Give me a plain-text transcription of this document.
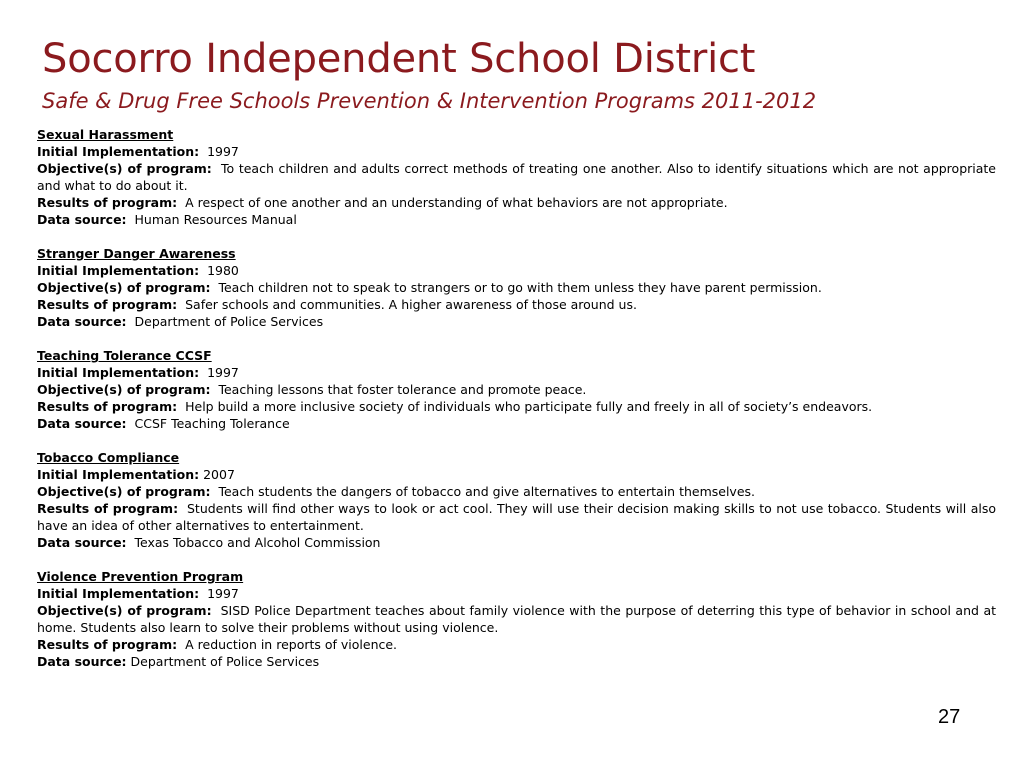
Socorro Independent School District
Safe & Drug Free Schools Prevention & Intervention Programs 2011-2012
Sexual Harassment

Initial Implementation: 1997

Objective(s) of program: To teach children and adults correct methods of treating one another. Also to identify situations which are not appropriate and what to do about it.

Results of program: A respect of one another and an understanding of what behaviors are not appropriate.

Data source: Human Resources Manual

Stranger Danger Awareness

Initial Implementation: 1980

Objective(s) of program: Teach children not to speak to strangers or to go with them unless they have parent permission.

Results of program: Safer schools and communities. A higher awareness of those around us.

Data source: Department of Police Services

Teaching Tolerance CCSF

Initial Implementation: 1997

Objective(s) of program: Teaching lessons that foster tolerance and promote peace.

Results of program: Help build a more inclusive society of individuals who participate fully and freely in all of society’s endeavors.

Data source: CCSF Teaching Tolerance

Tobacco Compliance

Initial Implementation: 2007

Objective(s) of program: Teach students the dangers of tobacco and give alternatives to entertain themselves.

Results of program: Students will find other ways to look or act cool. They will use their decision making skills to not use tobacco. Students will also have an idea of other alternatives to entertainment.

Data source: Texas Tobacco and Alcohol Commission

Violence Prevention Program

Initial Implementation: 1997

Objective(s) of program: SISD Police Department teaches about family violence with the purpose of deterring this type of behavior in school and at home. Students also learn to solve their problems without using violence.

Results of program: A reduction in reports of violence.

Data source: Department of Police Services

27
